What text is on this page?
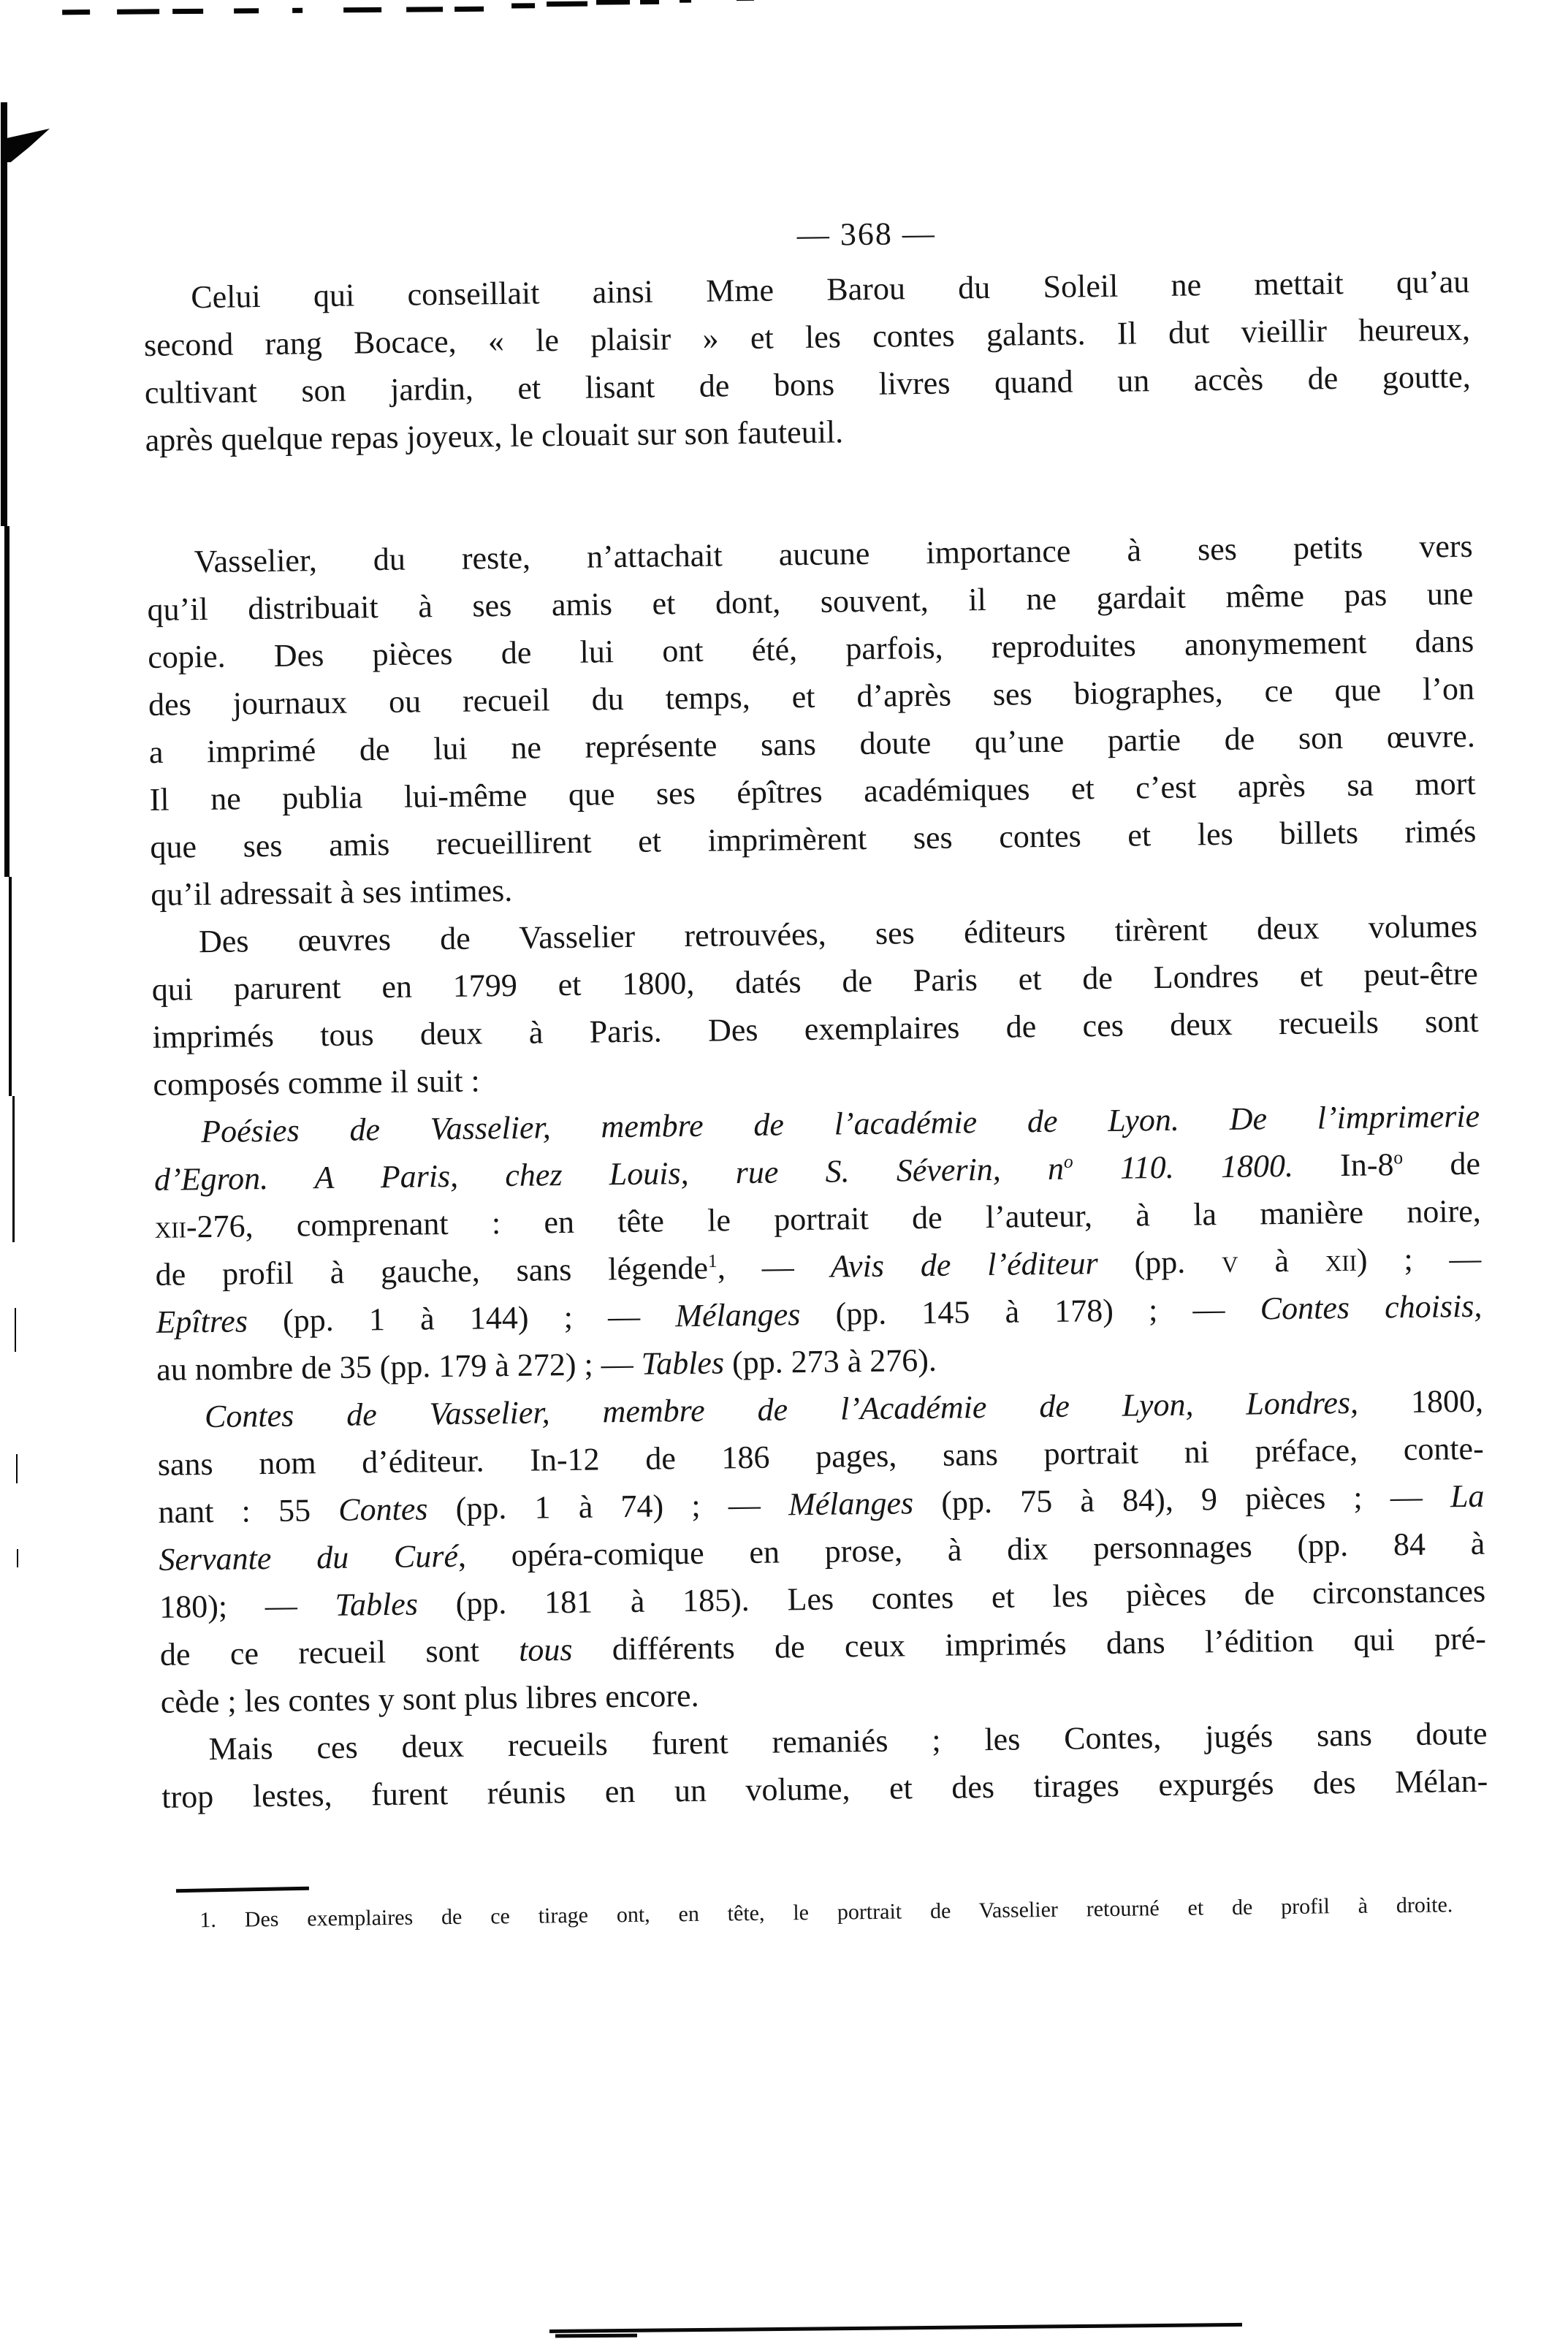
— 368 —
Celui qui conseillait ainsi Mme Barou du Soleil ne mettait qu’au
second rang Bocace, « le plaisir » et les contes galants. Il dut vieillir heureux,
cultivant son jardin, et lisant de bons livres quand un accès de goutte,
après quelque repas joyeux, le clouait sur son fauteuil.
Vasselier, du reste, n’attachait aucune importance à ses petits vers
qu’il distribuait à ses amis et dont, souvent, il ne gardait même pas une
copie. Des pièces de lui ont été, parfois, reproduites anonymement dans
des journaux ou recueil du temps, et d’après ses biographes, ce que l’on
a imprimé de lui ne représente sans doute qu’une partie de son œuvre.
Il ne publia lui-même que ses épîtres académiques et c’est après sa mort
que ses amis recueillirent et imprimèrent ses contes et les billets rimés
qu’il adressait à ses intimes.
Des œuvres de Vasselier retrouvées, ses éditeurs tirèrent deux volumes
qui parurent en 1799 et 1800, datés de Paris et de Londres et peut-être
imprimés tous deux à Paris. Des exemplaires de ces deux recueils sont
composés comme il suit :
Poésies de Vasselier, membre de l’académie de Lyon. De l’imprimerie
d’Egron. A Paris, chez Louis, rue S. Séverin, $n^o$ 110. 1800. In-8$^o$ de
xii-276, comprenant : en tête le portrait de l’auteur, à la manière noire,
de profil à gauche, sans légende$^1$, — Avis de l’éditeur (pp. v à xii) ; —
Epîtres (pp. 1 à 144) ; — Mélanges (pp. 145 à 178) ; — Contes choisis,
au nombre de 35 (pp. 179 à 272) ; — Tables (pp. 273 à 276).
Contes de Vasselier, membre de l’Académie de Lyon, Londres, 1800,
sans nom d’éditeur. In-12 de 186 pages, sans portrait ni préface, conte-
nant : 55 Contes (pp. 1 à 74) ; — Mélanges (pp. 75 à 84), 9 pièces ; — La
Servante du Curé, opéra-comique en prose, à dix personnages (pp. 84 à
180); — Tables (pp. 181 à 185). Les contes et les pièces de circonstances
de ce recueil sont tous différents de ceux imprimés dans l’édition qui pré-
cède ; les contes y sont plus libres encore.
Mais ces deux recueils furent remaniés ; les Contes, jugés sans doute
trop lestes, furent réunis en un volume, et des tirages expurgés des Mélan-
1. Des exemplaires de ce tirage ont, en tête, le portrait de Vasselier retourné et de profil à droite.
